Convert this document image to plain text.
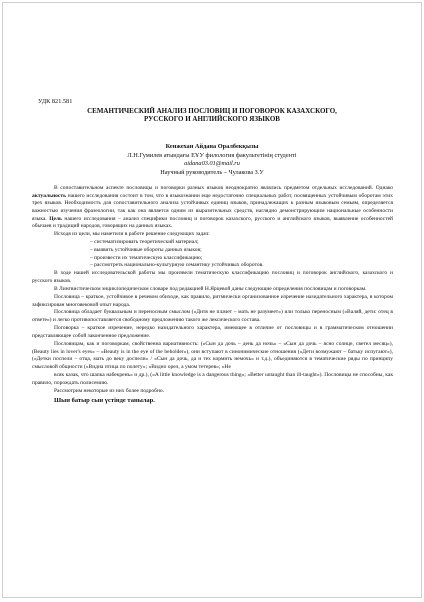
УДК 821.581
СЕМАНТИЧЕСКИЙ АНАЛИЗ ПОСЛОВИЦ И ПОГОВОРОК КАЗАХСКОГО,
РУССКОГО И АНГЛИЙСКОГО ЯЗЫКОВ
Кенжехан Айдана Оралбекқызы
Л.Н.Гумилев атындағы ЕҰУ филология факультетінің студенті
aidana03.01@mail.ru
Научный руководитель – Чулакова З.У

В сопоставительном аспекте пословицы и поговорки разных языков неоднократно являлись предметом отдельных исследований. Однако актуальность нашего исследования состоит в том, что в языкознании еще недостаточно специальных работ, посвященных устойчивым оборотам этих трех языков. Необходимость для сопоставительного анализа устойчивых единиц языков, принадлежащих к разным языковым семьям, определяется важностью изучения фразеологии, так как она является одним из выразительных средств, наглядно демонстрирующим национальные особенности языка. Цель нашего исследования – анализ специфики пословиц и поговорок казахского, русского и английского языков, выявление особенностей обычаев и традиций народов, говорящих на данных языках.

Исходя из цели, мы наметили в работе решение следующих задач:

– систематизировать теоретический материал;
– выявить устойчивые обороты данных языков;
– произвести их тематическую классификацию;
– рассмотреть национально-культурную семантику устойчивых оборотов.

В ходе нашей исследовательской работы мы произвели тематическую классификацию пословиц и поговорок английского, казахского и русского языков.

В Лингвистическом энциклопедическом словаре под редакцией Н.Ярцевой даны следующие определения пословицам и поговоркам.

Пословица – краткое, устойчивое в речевом обиходе, как правило, ритмически организованное изречение назидательного характера, в котором зафиксирован многовековой опыт народа.

Пословица обладает буквальным и переносным смыслом («Дитя не плачет – мать не разумеет») или только переносным («Валяй, дети: отец в ответе») и легко противопоставляется свободному предложению такого же лексического состава.

Поговорка – краткое изречение, нередко назидательного характера, имеющее в отличие от пословицы и в грамматическом отношении представляющее собой законченное предложение.

Пословицам, как и поговоркам, свойственна вариативность: («Сын да дочь – день да ночь» – «Сын да дочь – ясно солнце, светел месяц»), (Beauty lies in lover's eyes» – «Beauty is in the eye of the beholder»), они вступают в синонимические отношения («Дети возмужают – батьку испугают»), («Детки поспели – отца, мать до веку доспели» / «Сын да дочь, да и тех кормить немочь» и т.д.), объединяются в тематические ряды по принципу смысловой общности («Видна птица по полету»; «Видно орел, а умом тетерев»; «Не

всяк казак, что шапка набекрень» и др.), («A little knowledge is a dangerous thing»; «Better untaught than ill-taught»). Пословицы не способны, как правило, порождать полисемию.

Рассмотрим некоторые из них более подробно.

Шын батыр сын үстінде танылар.
